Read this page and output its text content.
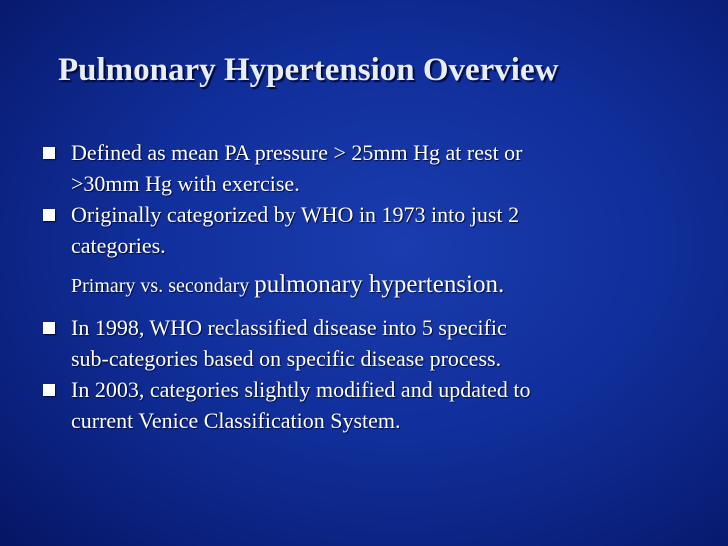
Pulmonary Hypertension Overview
Defined as mean PA pressure > 25mm Hg at rest or
>30mm Hg with exercise.
Originally categorized by WHO in 1973 into just 2
categories.
Primary vs. secondary pulmonary hypertension.
In 1998, WHO reclassified disease into 5 specific
sub-categories based on specific disease process.
In 2003, categories slightly modified and updated to
current Venice Classification System.
